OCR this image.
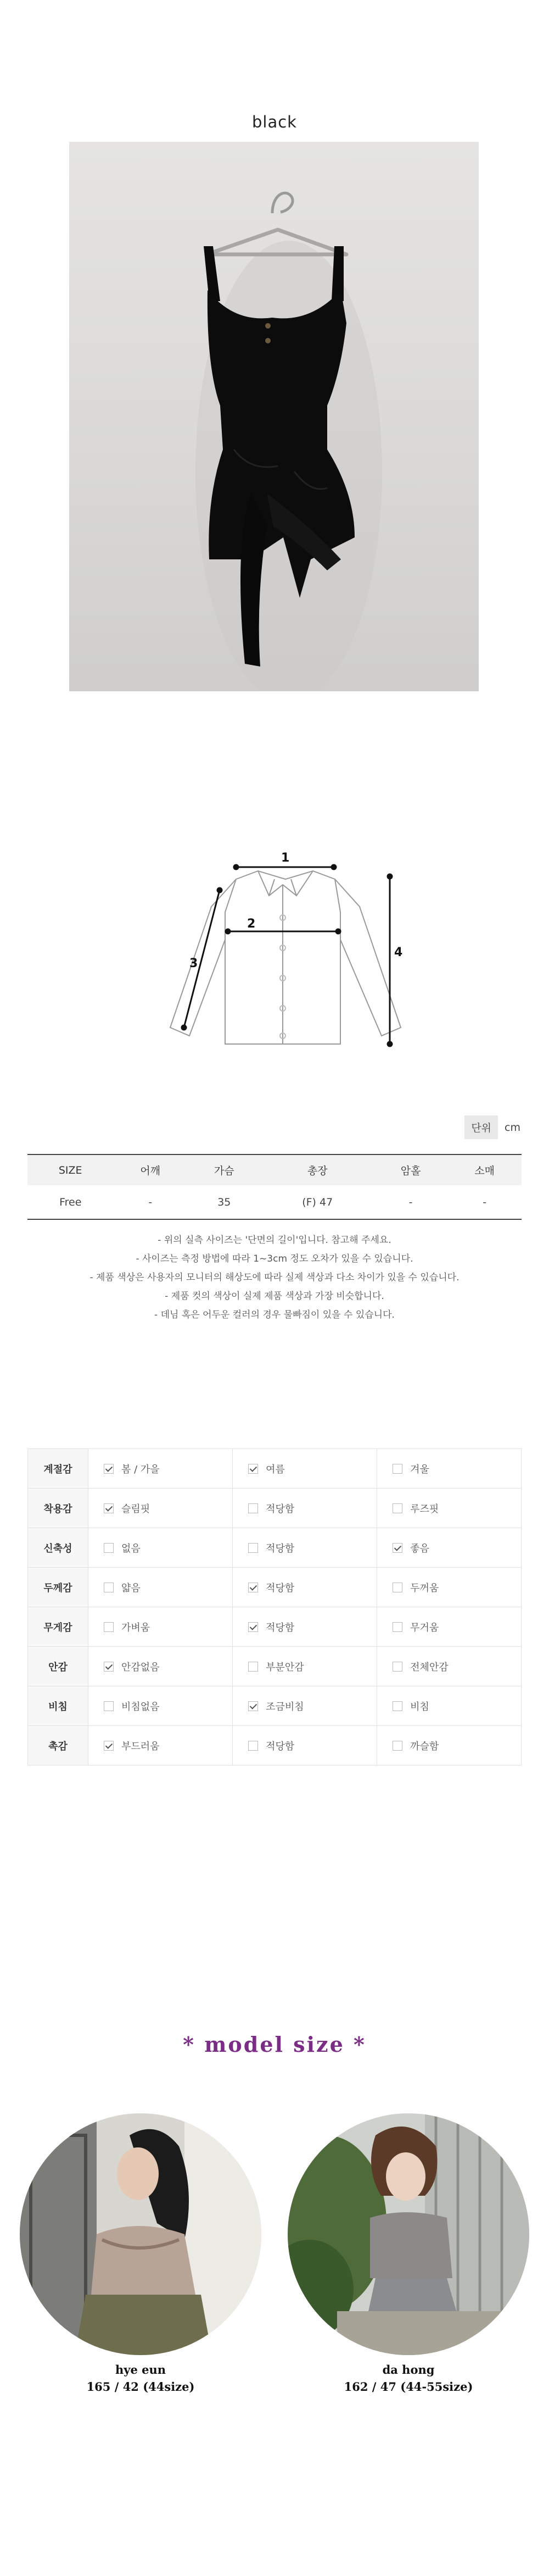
black
1
2
3
4
단위	cm
SIZE	어깨	가슴	총장	암홀	소매
Free	-	35	(F) 47	-	-
- 위의 실측 사이즈는 '단면의 길이'입니다. 참고해 주세요.
- 사이즈는 측정 방법에 따라 1~3cm 정도 오차가 있을 수 있습니다.
- 제품 색상은 사용자의 모니터의 해상도에 따라 실제 색상과 다소 차이가 있을 수 있습니다.
- 제품 컷의 색상이 실제 제품 색상과 가장 비슷합니다.
- 데님 혹은 어두운 컬러의 경우 물빠짐이 있을 수 있습니다.
계절감	봄 / 가을	여름	겨울
착용감	슬림핏	적당함	루즈핏
신축성	없음	적당함	좋음
두께감	얇음	적당함	두꺼움
무게감	가벼움	적당함	무거움
안감	안감없음	부분안감	전체안감
비침	비침없음	조금비침	비침
촉감	부드러움	적당함	까슬함
* model size *
hye eun
165 / 42 (44size)
da hong
162 / 47 (44-55size)
